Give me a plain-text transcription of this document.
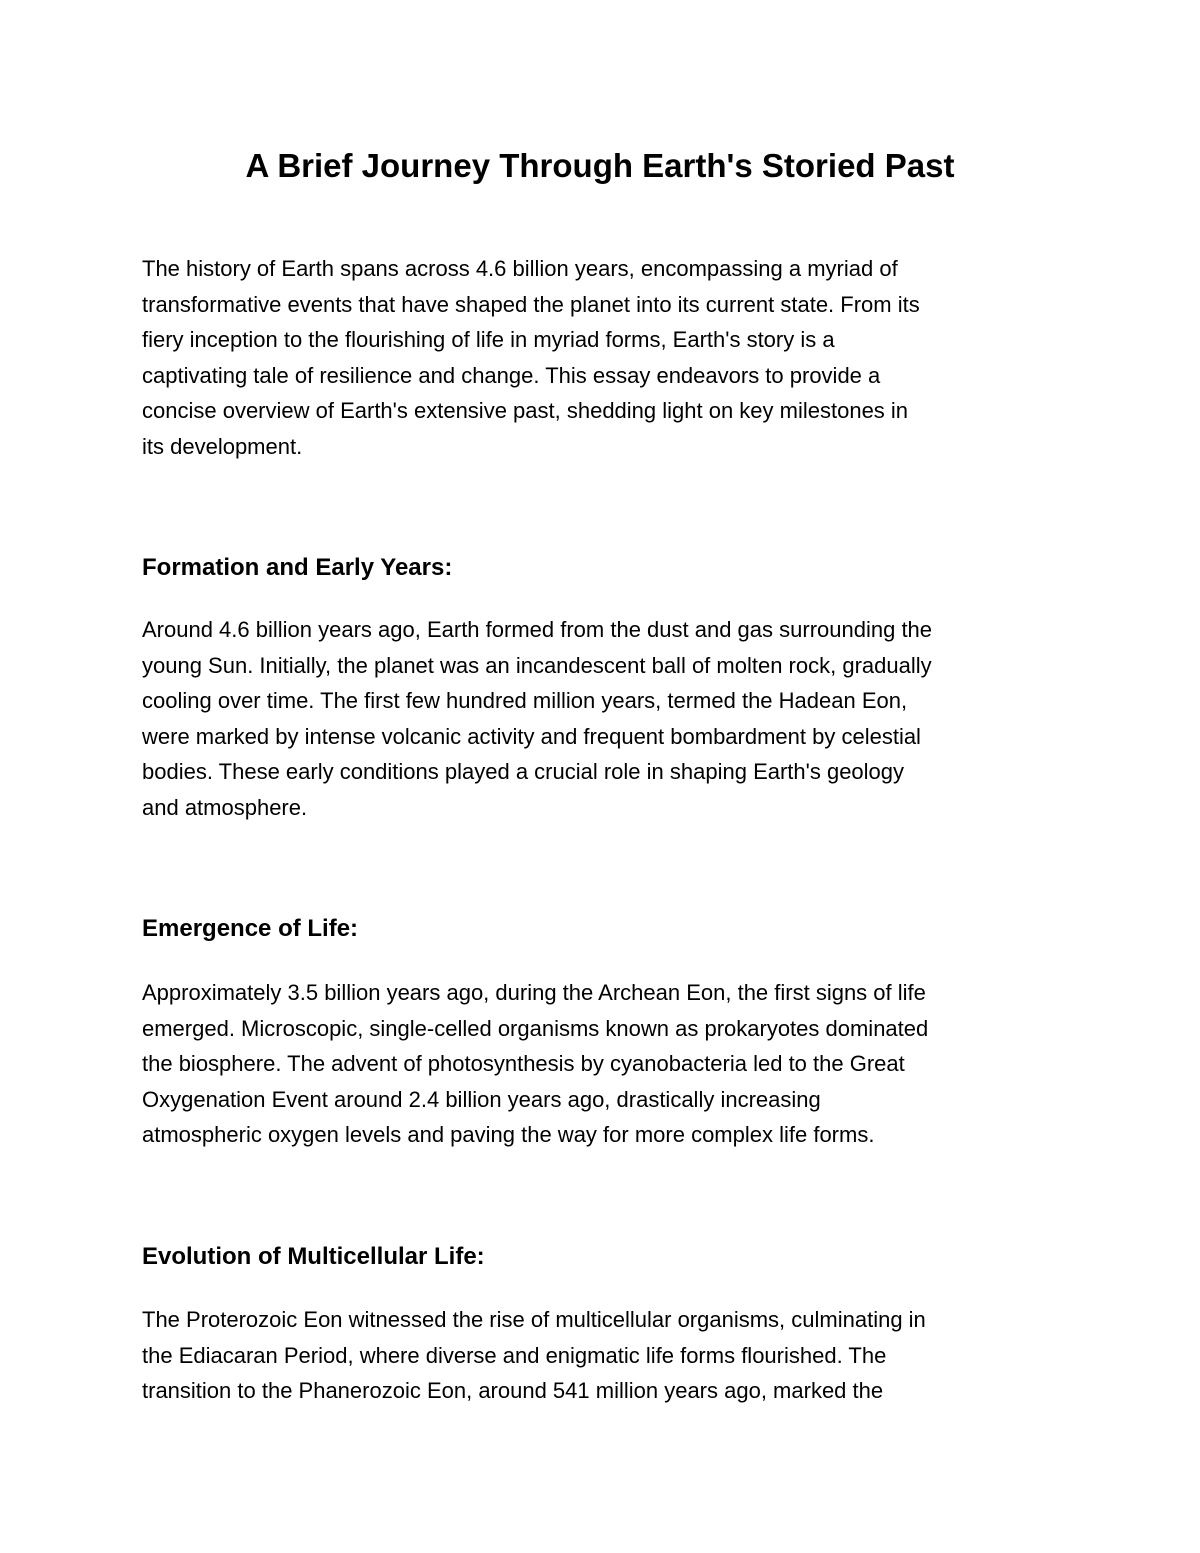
A Brief Journey Through Earth's Storied Past
The history of Earth spans across 4.6 billion years, encompassing a myriad of
transformative events that have shaped the planet into its current state. From its
fiery inception to the flourishing of life in myriad forms, Earth's story is a
captivating tale of resilience and change. This essay endeavors to provide a
concise overview of Earth's extensive past, shedding light on key milestones in
its development.
Formation and Early Years:
Around 4.6 billion years ago, Earth formed from the dust and gas surrounding the
young Sun. Initially, the planet was an incandescent ball of molten rock, gradually
cooling over time. The first few hundred million years, termed the Hadean Eon,
were marked by intense volcanic activity and frequent bombardment by celestial
bodies. These early conditions played a crucial role in shaping Earth's geology
and atmosphere.
Emergence of Life:
Approximately 3.5 billion years ago, during the Archean Eon, the first signs of life
emerged. Microscopic, single-celled organisms known as prokaryotes dominated
the biosphere. The advent of photosynthesis by cyanobacteria led to the Great
Oxygenation Event around 2.4 billion years ago, drastically increasing
atmospheric oxygen levels and paving the way for more complex life forms.
Evolution of Multicellular Life:
The Proterozoic Eon witnessed the rise of multicellular organisms, culminating in
the Ediacaran Period, where diverse and enigmatic life forms flourished. The
transition to the Phanerozoic Eon, around 541 million years ago, marked the
